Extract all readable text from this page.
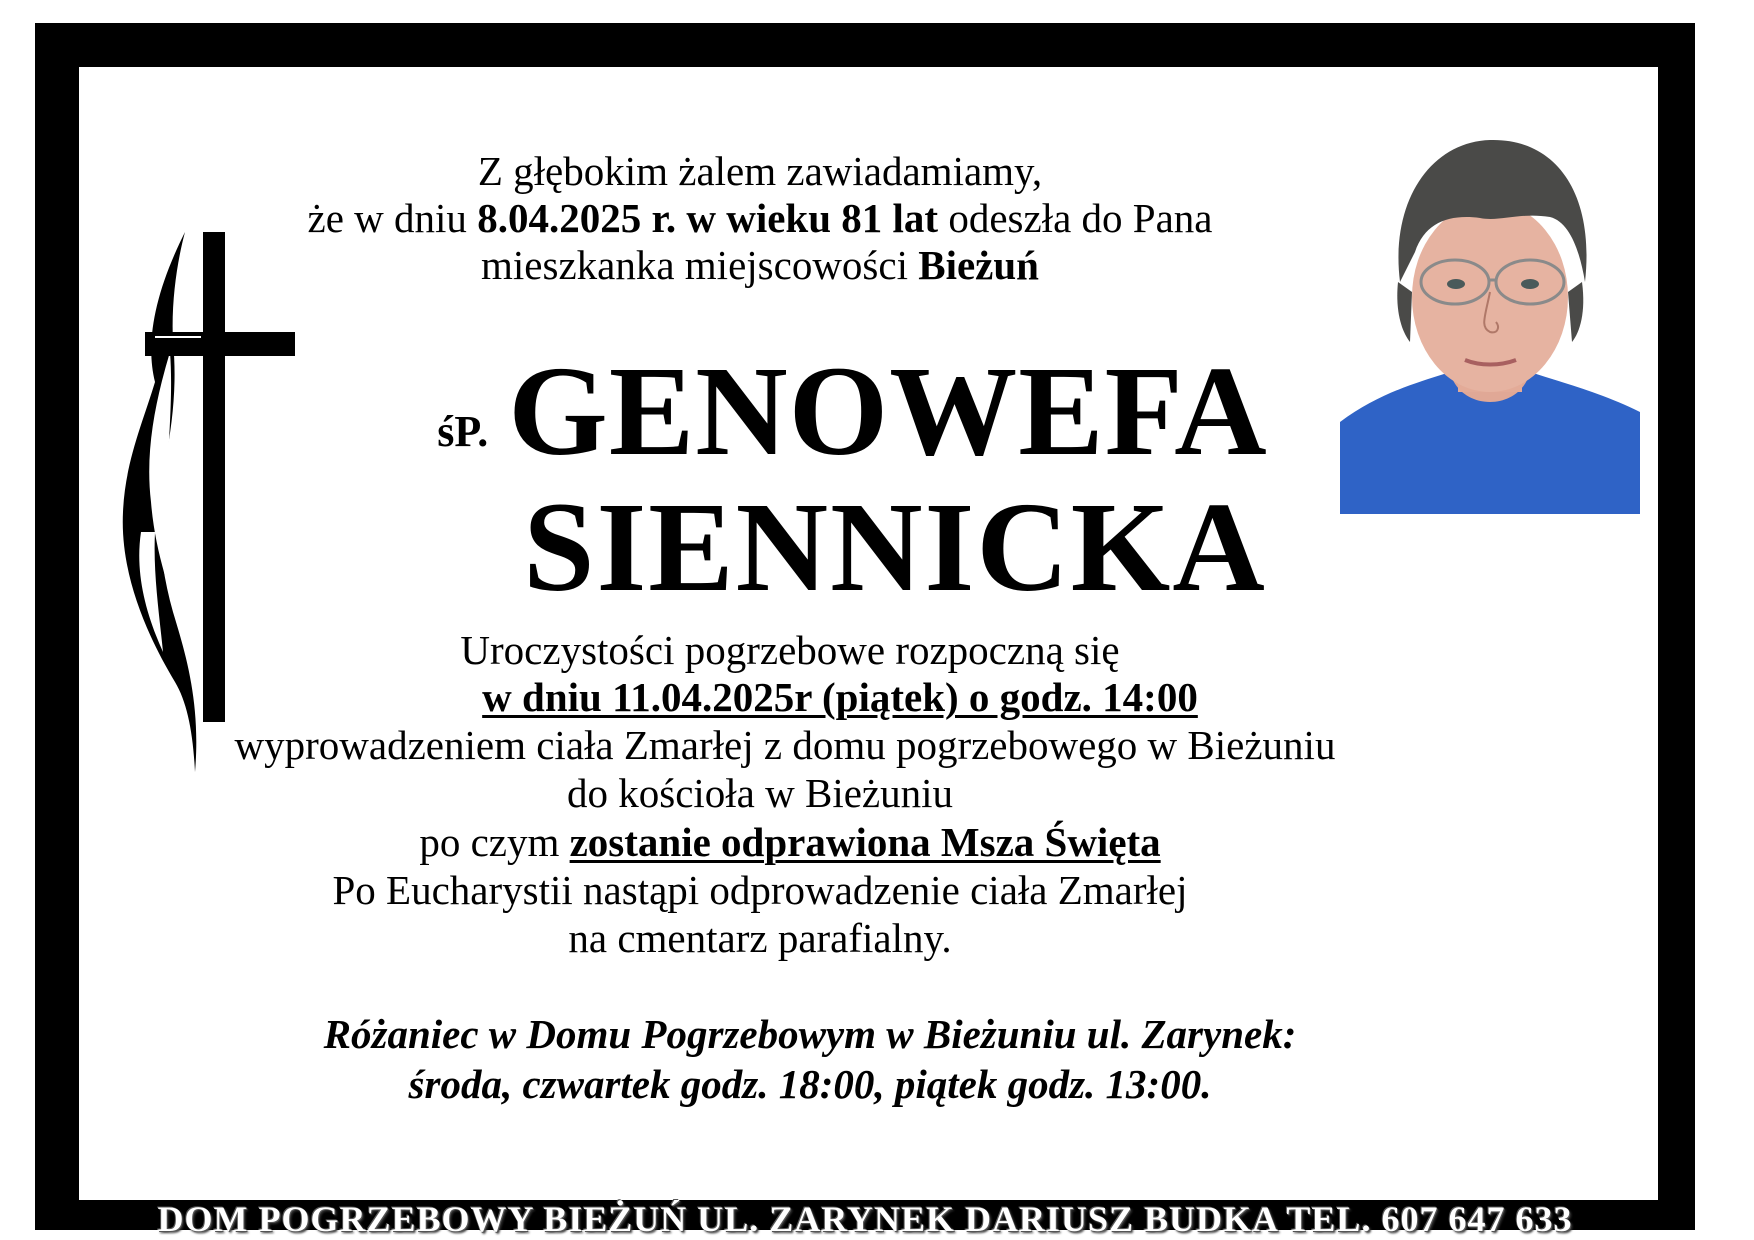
Z głębokim żalem zawiadamiamy,
że w dniu 8.04.2025 r. w wieku 81 lat odeszła do Pana
mieszkanka miejscowości Bieżuń
śP. GENOWEFA
SIENNICKA
Uroczystości pogrzebowe rozpoczną się
w dniu 11.04.2025r (piątek) o godz. 14:00
wyprowadzeniem ciała Zmarłej z domu pogrzebowego w Bieżuniu
do kościoła w Bieżuniu
po czym zostanie odprawiona Msza Święta
Po Eucharystii nastąpi odprowadzenie ciała Zmarłej
na cmentarz parafialny.
Różaniec w Domu Pogrzebowym w Bieżuniu ul. Zarynek:
środa, czwartek godz. 18:00, piątek godz. 13:00.
DOM POGRZEBOWY BIEŻUŃ UL. ZARYNEK DARIUSZ BUDKA TEL. 607 647 633
